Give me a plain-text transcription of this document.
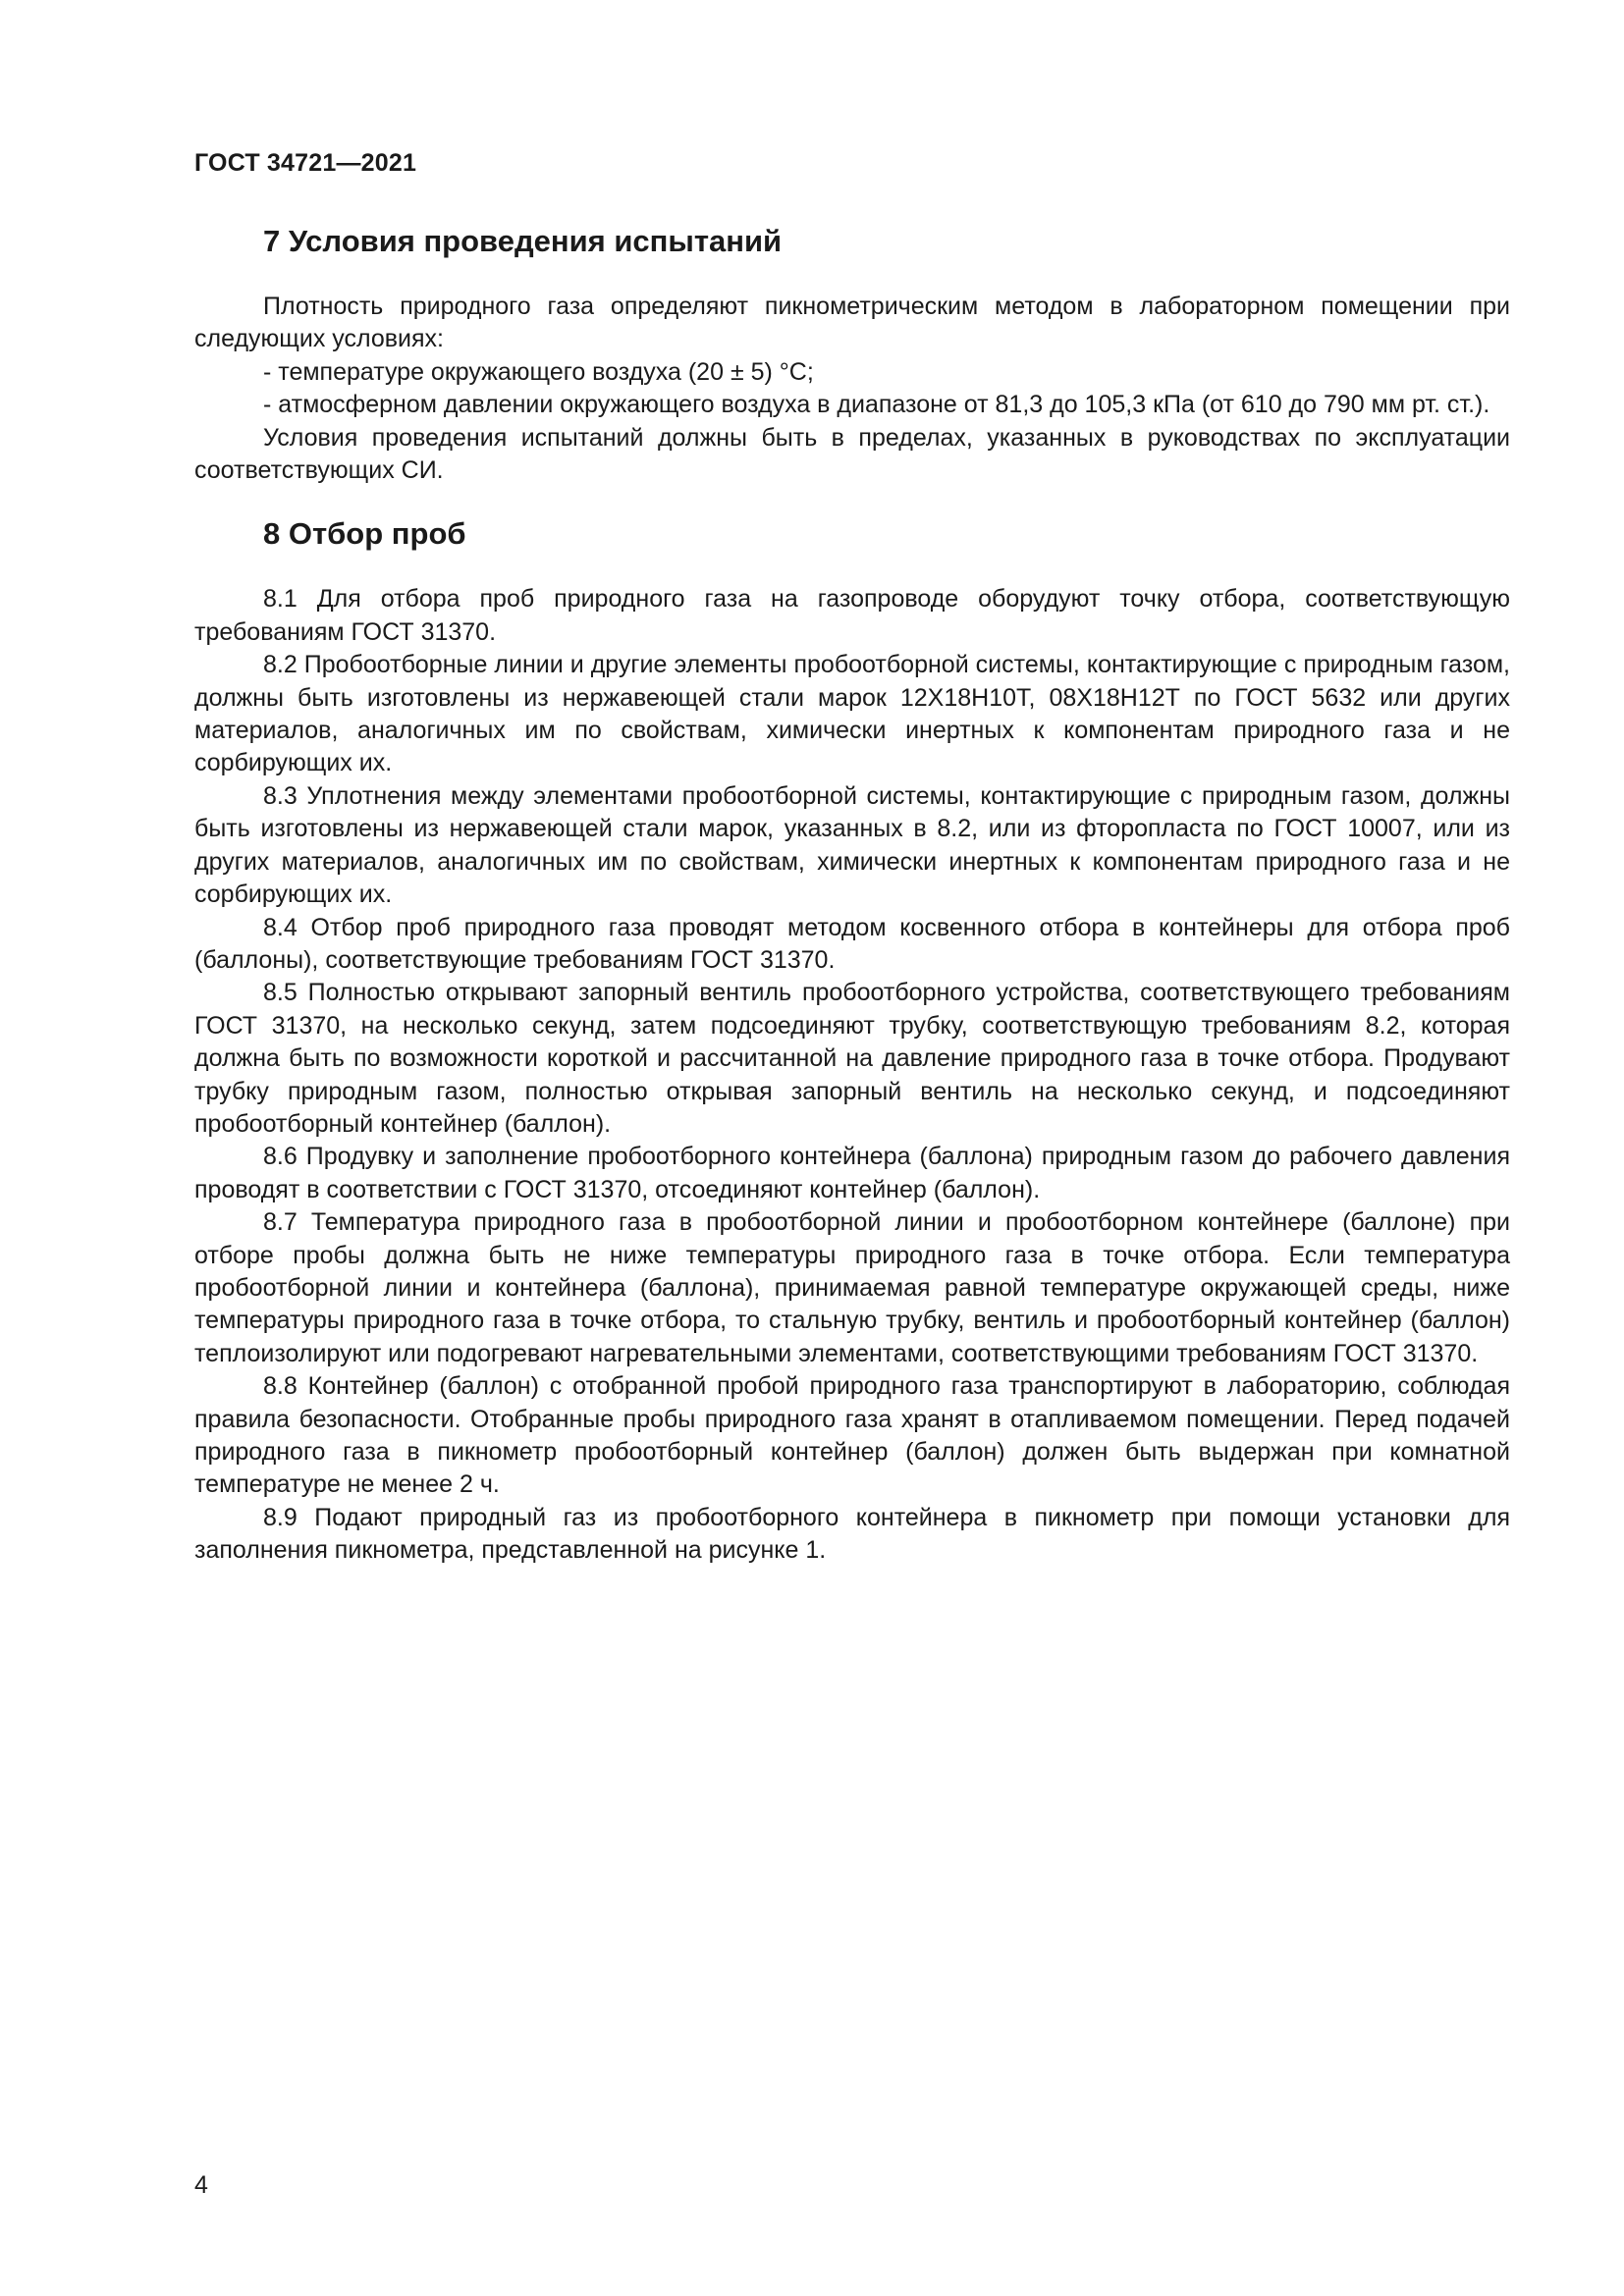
ГОСТ 34721—2021
7 Условия проведения испытаний

Плотность природного газа определяют пикнометрическим методом в лабораторном помещении при следующих условиях:

- температуре окружающего воздуха (20 ± 5) °С;

- атмосферном давлении окружающего воздуха в диапазоне от 81,3 до 105,3 кПа (от 610 до 790 мм рт. ст.).

Условия проведения испытаний должны быть в пределах, указанных в руководствах по эксплуатации соответствующих СИ.

8 Отбор проб

8.1 Для отбора проб природного газа на газопроводе оборудуют точку отбора, соответствующую требованиям ГОСТ 31370.

8.2 Пробоотборные линии и другие элементы пробоотборной системы, контактирующие с природным газом, должны быть изготовлены из нержавеющей стали марок 12Х18Н10Т, 08Х18Н12Т по ГОСТ 5632 или других материалов, аналогичных им по свойствам, химически инертных к компонентам природного газа и не сорбирующих их.

8.3 Уплотнения между элементами пробоотборной системы, контактирующие с природным газом, должны быть изготовлены из нержавеющей стали марок, указанных в 8.2, или из фторопласта по ГОСТ 10007, или из других материалов, аналогичных им по свойствам, химически инертных к компонентам природного газа и не сорбирующих их.

8.4 Отбор проб природного газа проводят методом косвенного отбора в контейнеры для отбора проб (баллоны), соответствующие требованиям ГОСТ 31370.

8.5 Полностью открывают запорный вентиль пробоотборного устройства, соответствующего требованиям ГОСТ 31370, на несколько секунд, затем подсоединяют трубку, соответствующую требованиям 8.2, которая должна быть по возможности короткой и рассчитанной на давление природного газа в точке отбора. Продувают трубку природным газом, полностью открывая запорный вентиль на несколько секунд, и подсоединяют пробоотборный контейнер (баллон).

8.6 Продувку и заполнение пробоотборного контейнера (баллона) природным газом до рабочего давления проводят в соответствии с ГОСТ 31370, отсоединяют контейнер (баллон).

8.7 Температура природного газа в пробоотборной линии и пробоотборном контейнере (баллоне) при отборе пробы должна быть не ниже температуры природного газа в точке отбора. Если температура пробоотборной линии и контейнера (баллона), принимаемая равной температуре окружающей среды, ниже температуры природного газа в точке отбора, то стальную трубку, вентиль и пробоотборный контейнер (баллон) теплоизолируют или подогревают нагревательными элементами, соответствующими требованиям ГОСТ 31370.

8.8 Контейнер (баллон) с отобранной пробой природного газа транспортируют в лабораторию, соблюдая правила безопасности. Отобранные пробы природного газа хранят в отапливаемом помещении. Перед подачей природного газа в пикнометр пробоотборный контейнер (баллон) должен быть выдержан при комнатной температуре не менее 2 ч.

8.9 Подают природный газ из пробоотборного контейнера в пикнометр при помощи установки для заполнения пикнометра, представленной на рисунке 1.

4
